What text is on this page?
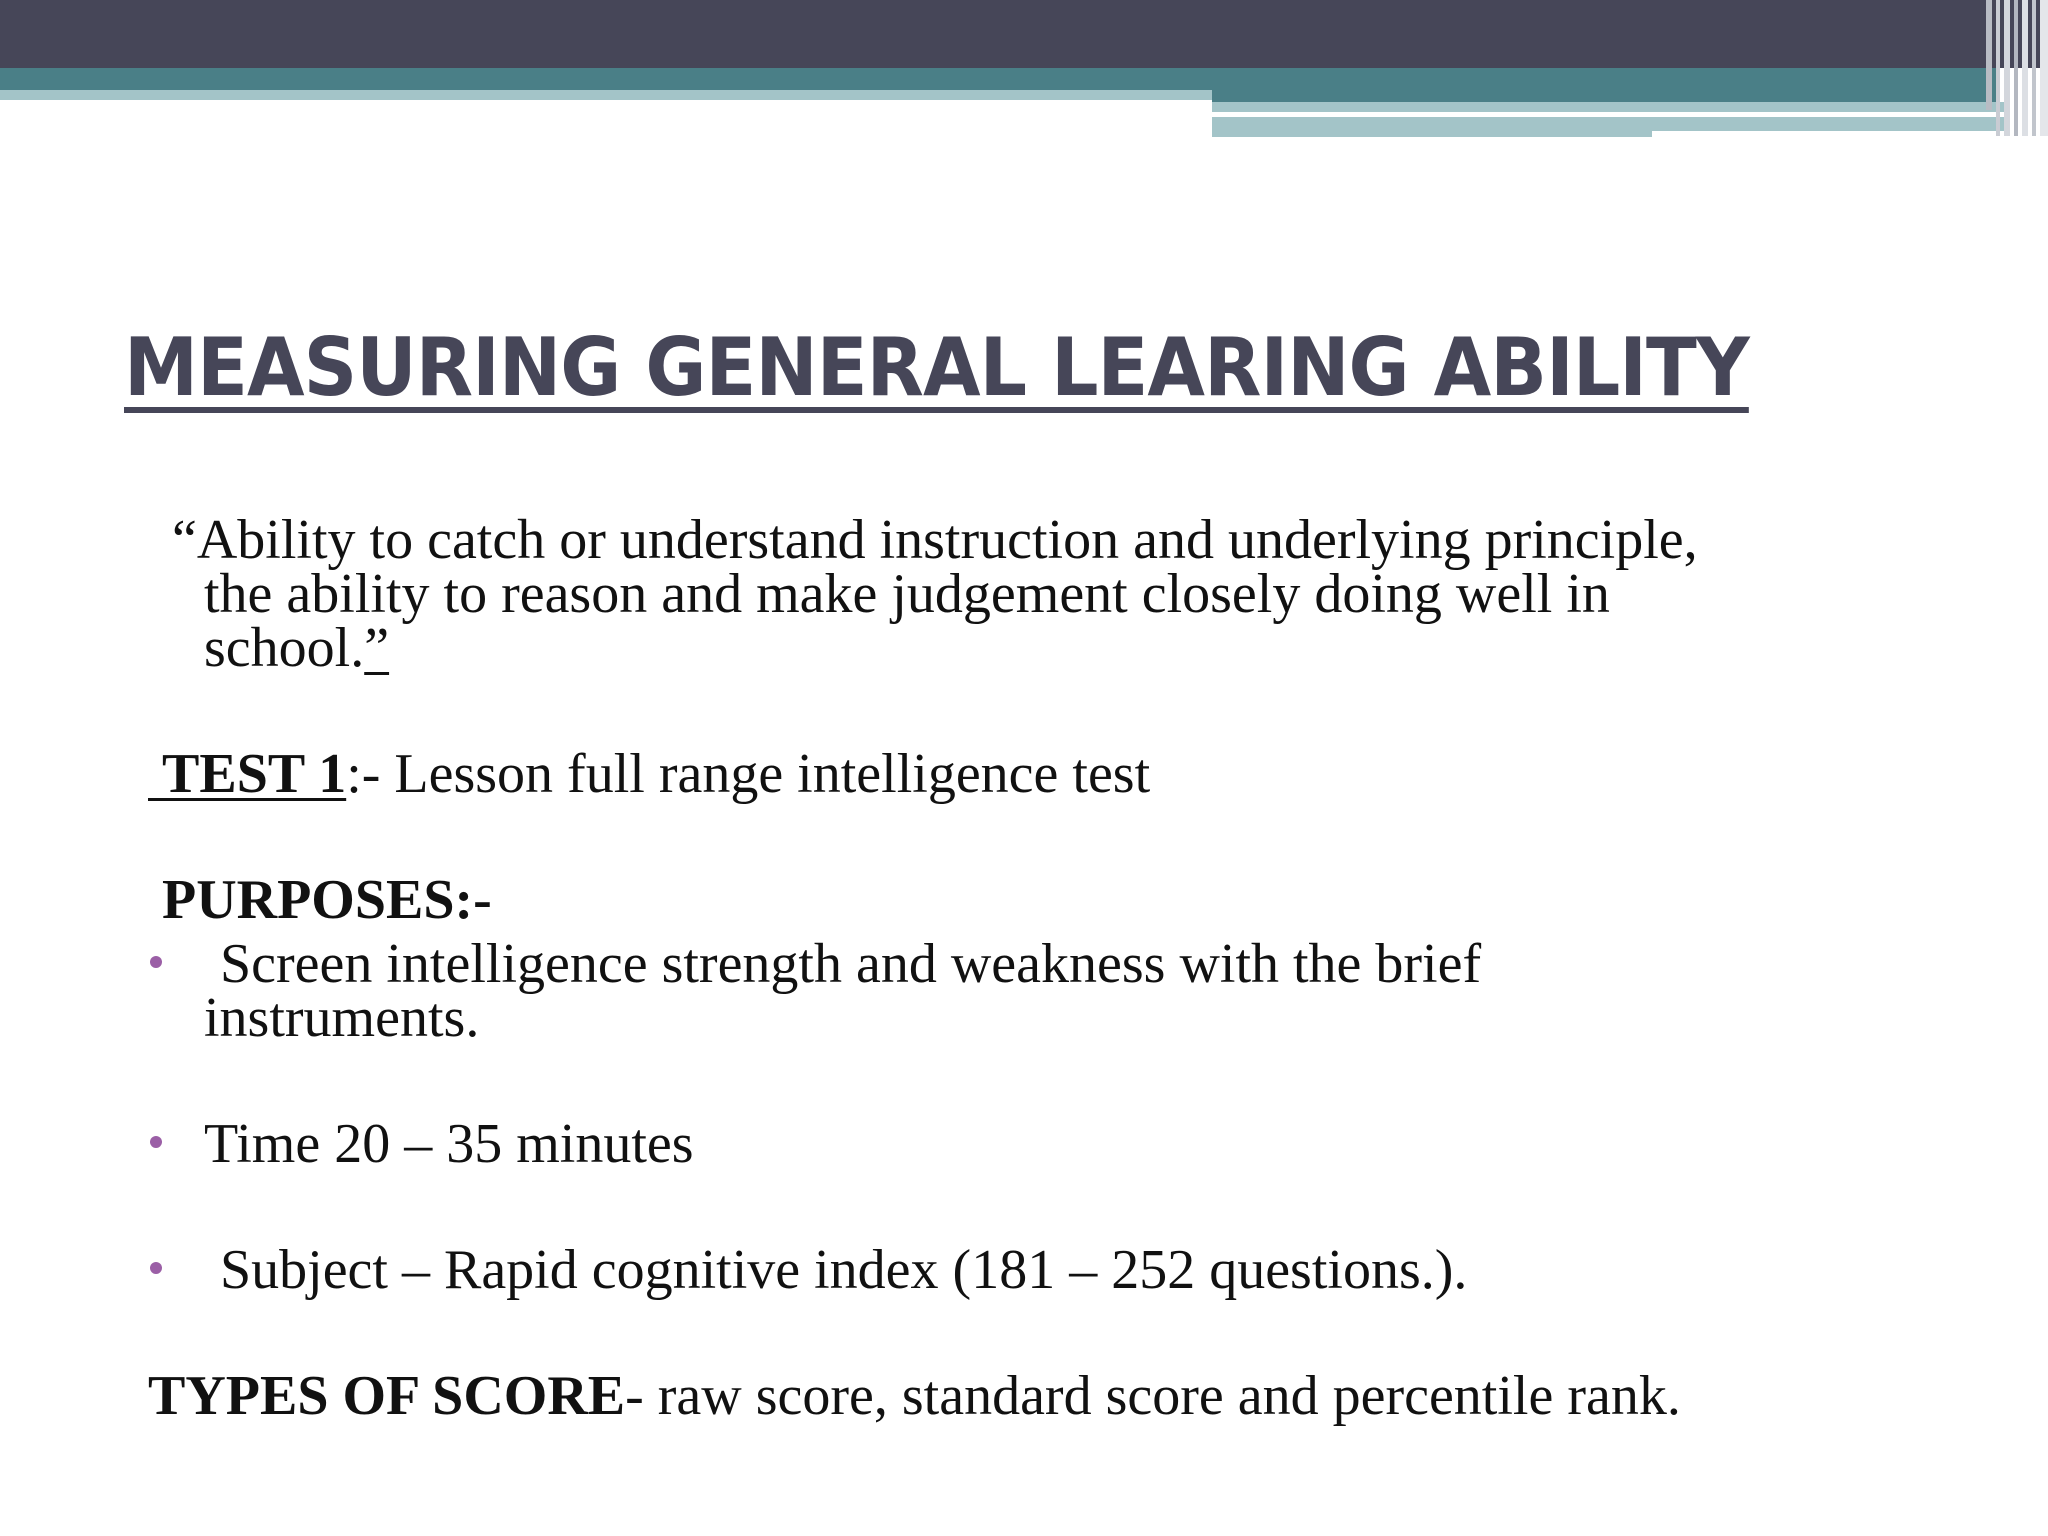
MEASURING GENERAL LEARING ABILITY
“Ability to catch or understand instruction and underlying principle,
the ability to reason and make judgement closely doing well in
school.”
TEST 1:- Lesson full range intelligence test
PURPOSES:-
Screen intelligence strength and weakness with the brief
instruments.
Time 20 – 35 minutes
Subject – Rapid cognitive index (181 – 252 questions.).
TYPES OF SCORE- raw score, standard score and percentile rank.
